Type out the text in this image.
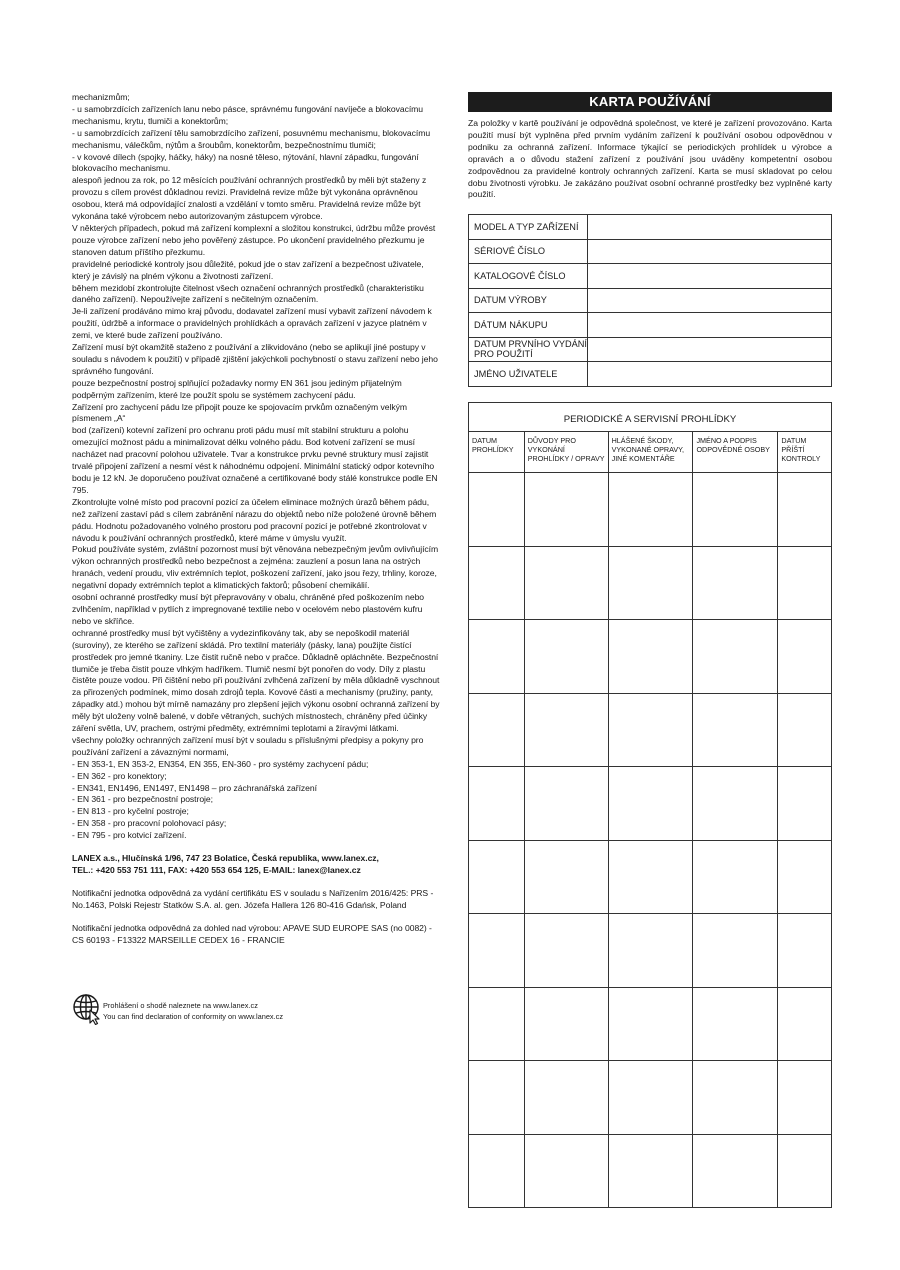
mechanizmům;

- u samobrzdících zařízeních lanu nebo pásce, správnému fungování navíječe a blokovacímu mechanismu, krytu, tlumiči a konektorům;

- u samobrzdících zařízení tělu samobrzdícího zařízení, posuvnému mechanismu, blokovacímu mechanismu, válečkům, nýtům a šroubům, konektorům, bezpečnostnímu tlumiči;

- v kovové dílech (spojky, háčky, háky) na nosné těleso, nýtování, hlavní západku, fungování blokovacího mechanismu.

alespoň jednou za rok, po 12 měsících používání ochranných prostředků by měli být staženy z provozu s cílem provést důkladnou revizi. Pravidelná revize může být vykonána oprávněnou osobou, která má odpovídající znalosti a vzdělání v tomto směru. Pravidelná revize může být vykonána také výrobcem nebo autorizovaným zástupcem výrobce.

V některých případech, pokud má zařízení komplexní a složitou konstrukci, údržbu může provést pouze výrobce zařízení nebo jeho pověřený zástupce. Po ukončení pravidelného přezkumu je stanoven datum příštího přezkumu.

pravidelné periodické kontroly jsou důležité, pokud jde o stav zařízení a bezpečnost uživatele, který je závislý na plném výkonu a životnosti zařízení.

během mezidobí zkontrolujte čitelnost všech označení ochranných prostředků (charakteristiku daného zařízení). Nepoužívejte zařízení s nečitelným označením.

Je-li zařízení prodáváno mimo kraj původu, dodavatel zařízení musí vybavit zařízení návodem k použití, údržbě a informace o pravidelných prohlídkách a opravách zařízení v jazyce platném v zemi, ve které bude zařízení používáno.

Zařízení musí být okamžitě staženo z používání a zlikvidováno (nebo se aplikují jiné postupy v souladu s návodem k použití) v případě zjištění jakýchkoli pochybností o stavu zařízení nebo jeho správného fungování.

pouze bezpečnostní postroj splňující požadavky normy EN 361 jsou jediným přijatelným podpěrným zařízením, které lze použít spolu se systémem zachycení pádu.

Zařízení pro zachycení pádu lze připojit pouze ke spojovacím prvkům označeným velkým písmenem „A“

bod (zařízení) kotevní zařízení pro ochranu proti pádu musí mít stabilní strukturu a polohu omezující možnost pádu a minimalizovat délku volného pádu. Bod kotvení zařízení se musí nacházet nad pracovní polohou uživatele. Tvar a konstrukce prvku pevné struktury musí zajistit trvalé připojení zařízení a nesmí vést k náhodnému odpojení. Minimální statický odpor kotevního bodu je 12 kN. Je doporučeno používat označené a certifikované body stálé konstrukce podle EN 795.

Zkontrolujte volné místo pod pracovní pozicí za účelem eliminace možných úrazů během pádu, než zařízení zastaví pád s cílem zabránění nárazu do objektů nebo níže položené úrovně během pádu. Hodnotu požadovaného volného prostoru pod pracovní pozicí je potřebné zkontrolovat v návodu k používání ochranných prostředků, které máme v úmyslu využít.

Pokud používáte systém, zvláštní pozornost musí být věnována nebezpečným jevům ovlivňujícím výkon ochranných prostředků nebo bezpečnost a zejména: zauzlení a posun lana na ostrých hranách, vedení proudu, vliv extrémních teplot, poškození zařízení, jako jsou řezy, trhliny, koroze, negativní dopady extrémních teplot a klimatických faktorů; působení chemikálií.

osobní ochranné prostředky musí být přepravovány v obalu, chráněné před poškozením nebo zvlhčením, například v pytlích z impregnované textilie nebo v ocelovém nebo plastovém kufru nebo ve skříňce.

ochranné prostředky musí být vyčištěny a vydezinfikovány tak, aby se nepoškodil materiál (suroviny), ze kterého se zařízení skládá. Pro textilní materiály (pásky, lana) použijte čistící prostředek pro jemné tkaniny. Lze čistit ručně nebo v pračce. Důkladně opláchněte. Bezpečnostní tlumiče je třeba čistit pouze vlhkým hadříkem. Tlumič nesmí být ponořen do vody. Díly z plastu čistěte pouze vodou. Při čištění nebo při používání zvlhčená zařízení by měla důkladně vyschnout za přirozených podmínek, mimo dosah zdrojů tepla. Kovové části a mechanismy (pružiny, panty, západky atd.) mohou být mírně namazány pro zlepšení jejich výkonu osobní ochranná zařízení by měly být uloženy volně balené, v dobře větraných, suchých místnostech, chráněny před účinky záření světla, UV, prachem, ostrými předměty, extrémními teplotami a žíravými látkami.

všechny položky ochranných zařízení musí být v souladu s příslušnými předpisy a pokyny pro používání zařízení a závaznými normami,

- EN 353-1, EN 353-2, EN354, EN 355, EN-360 - pro systémy zachycení pádu;

- EN 362 - pro konektory;

- EN341, EN1496, EN1497, EN1498 – pro záchranářská zařízení

- EN 361 - pro bezpečnostní postroje;

- EN 813 - pro kyčelní postroje;

- EN 358 - pro pracovní polohovací pásy;

- EN 795 - pro kotvicí zařízení.

LANEX a.s., Hlučínská 1/96, 747 23 Bolatice, Česká republika, www.lanex.cz,

TEL.: +420 553 751 111, FAX: +420 553 654 125, E-MAIL: lanex@lanex.cz

Notifikační jednotka odpovědná za vydání certifikátu ES v souladu s Nařízením 2016/425: PRS - No.1463, Polski Rejestr Statków S.A. al. gen. Józefa Hallera 126 80-416 Gdańsk, Poland

Notifikační jednotka odpovědná za dohled nad výrobou: APAVE SUD EUROPE SAS (no 0082) - CS 60193 - F13322 MARSEILLE CEDEX 16 - FRANCIE

Prohlášení o shodě naleznete na www.lanex.cz
You can find declaration of conformity on www.lanex.cz
KARTA POUŽÍVÁNÍ

Za položky v kartě používání je odpovědná společnost, ve které je zařízení provozováno. Karta použití musí být vyplněna před prvním vydáním zařízení k používání osobou odpovědnou v podniku za ochranná zařízení. Informace týkající se periodických prohlídek u výrobce a opravách a o důvodu stažení zařízení z používání jsou uváděny kompetentní osobou zodpovědnou za pravidelné kontroly ochranných zařízení. Karta se musí skladovat po celou dobu životnosti výrobku. Je zakázáno používat osobní ochranné prostředky bez vyplněné karty použití.

MODEL A TYP ZAŘÍZENÍ	
SÉRIOVÉ ČÍSLO	
KATALOGOVÉ ČÍSLO	
DATUM VÝROBY	
DÁTUM NÁKUPU	
DATUM PRVNÍHO VYDÁNÍ PRO POUŽITÍ	
JMÉNO UŽIVATELE	
PERIODICKÉ A SERVISNÍ PROHLÍDKY				
DATUM PROHLÍDKY	DŮVODY PRO VYKONÁNÍ PROHLÍDKY / OPRAVY	HLÁŠENÉ ŠKODY, VYKONANÉ OPRAVY, JINÉ KOMENTÁŘE	JMÉNO A PODPIS ODPOVĚDNÉ OSOBY	DATUM PŘÍŠTÍ KONTROLY
